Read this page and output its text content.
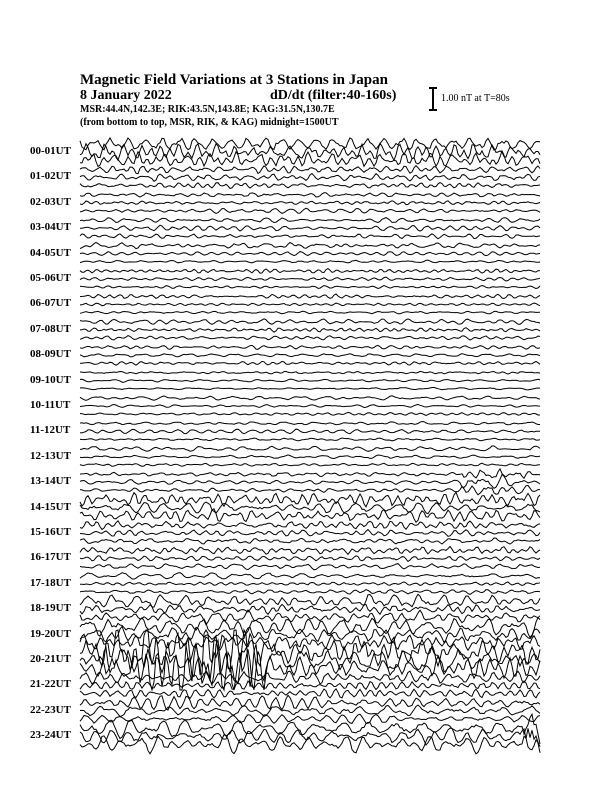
Magnetic Field Variations at 3 Stations in Japan
8 January 2022	dD/dt (filter:40-160s)
MSR:44.4N,142.3E; RIK:43.5N,143.8E; KAG:31.5N,130.7E
(from bottom to top, MSR, RIK, & KAG) midnight=1500UT
1.00 nT at T=80s
00-01UT
01-02UT
02-03UT
03-04UT
04-05UT
05-06UT
06-07UT
07-08UT
08-09UT
09-10UT
10-11UT
11-12UT
12-13UT
13-14UT
14-15UT
15-16UT
16-17UT
17-18UT
18-19UT
19-20UT
20-21UT
21-22UT
22-23UT
23-24UT
